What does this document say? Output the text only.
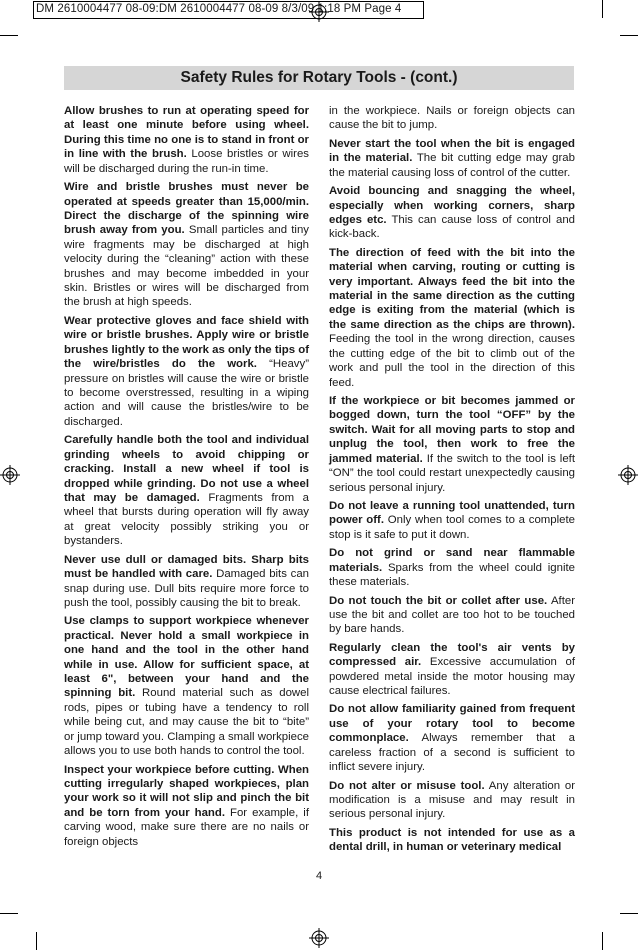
DM 2610004477 08-09:DM 2610004477 08-09 8/3/09 1:18 PM Page 4
Safety Rules for Rotary Tools - (cont.)

Allow brushes to run at operating speed for at least one minute before using wheel. During this time no one is to stand in front or in line with the brush. Loose bristles or wires will be discharged during the run-in time.

Wire and bristle brushes must never be operated at speeds greater than 15,000/min. Direct the discharge of the spinning wire brush away from you. Small particles and tiny wire fragments may be discharged at high velocity during the “cleaning” action with these brushes and may become imbedded in your skin. Bristles or wires will be discharged from the brush at high speeds.

Wear protective gloves and face shield with wire or bristle brushes. Apply wire or bristle brushes lightly to the work as only the tips of the wire/bristles do the work. “Heavy” pressure on bristles will cause the wire or bristle to become overstressed, resulting in a wiping action and will cause the bristles/wire to be discharged.

Carefully handle both the tool and individual grinding wheels to avoid chipping or cracking. Install a new wheel if tool is dropped while grinding. Do not use a wheel that may be damaged. Fragments from a wheel that bursts during operation will fly away at great velocity possibly striking you or bystanders.

Never use dull or damaged bits. Sharp bits must be handled with care. Damaged bits can snap during use. Dull bits require more force to push the tool, possibly causing the bit to break.

Use clamps to support workpiece whenever practical. Never hold a small workpiece in one hand and the tool in the other hand while in use. Allow for sufficient space, at least 6", between your hand and the spinning bit. Round material such as dowel rods, pipes or tubing have a tendency to roll while being cut, and may cause the bit to “bite” or jump toward you. Clamping a small workpiece allows you to use both hands to control the tool.

Inspect your workpiece before cutting. When cutting irregularly shaped workpieces, plan your work so it will not slip and pinch the bit and be torn from your hand. For example, if carving wood, make sure there are no nails or foreign objects

in the workpiece. Nails or foreign objects can cause the bit to jump.

Never start the tool when the bit is engaged in the material. The bit cutting edge may grab the material causing loss of control of the cutter.

Avoid bouncing and snagging the wheel, especially when working corners, sharp edges etc. This can cause loss of control and kick-back.

The direction of feed with the bit into the material when carving, routing or cutting is very important. Always feed the bit into the material in the same direction as the cutting edge is exiting from the material (which is the same direction as the chips are thrown). Feeding the tool in the wrong direction, causes the cutting edge of the bit to climb out of the work and pull the tool in the direction of this feed.

If the workpiece or bit becomes jammed or bogged down, turn the tool “OFF” by the switch. Wait for all moving parts to stop and unplug the tool, then work to free the jammed material. If the switch to the tool is left “ON” the tool could restart unexpectedly causing serious personal injury.

Do not leave a running tool unattended, turn power off. Only when tool comes to a complete stop is it safe to put it down.

Do not grind or sand near flammable materials. Sparks from the wheel could ignite these materials.

Do not touch the bit or collet after use. After use the bit and collet are too hot to be touched by bare hands.

Regularly clean the tool's air vents by compressed air. Excessive accumulation of powdered metal inside the motor housing may cause electrical failures.

Do not allow familiarity gained from frequent use of your rotary tool to become commonplace. Always remember that a careless fraction of a second is sufficient to inflict severe injury.

Do not alter or misuse tool. Any alteration or modification is a misuse and may result in serious personal injury.

This product is not intended for use as a dental drill, in human or veterinary medical

4
